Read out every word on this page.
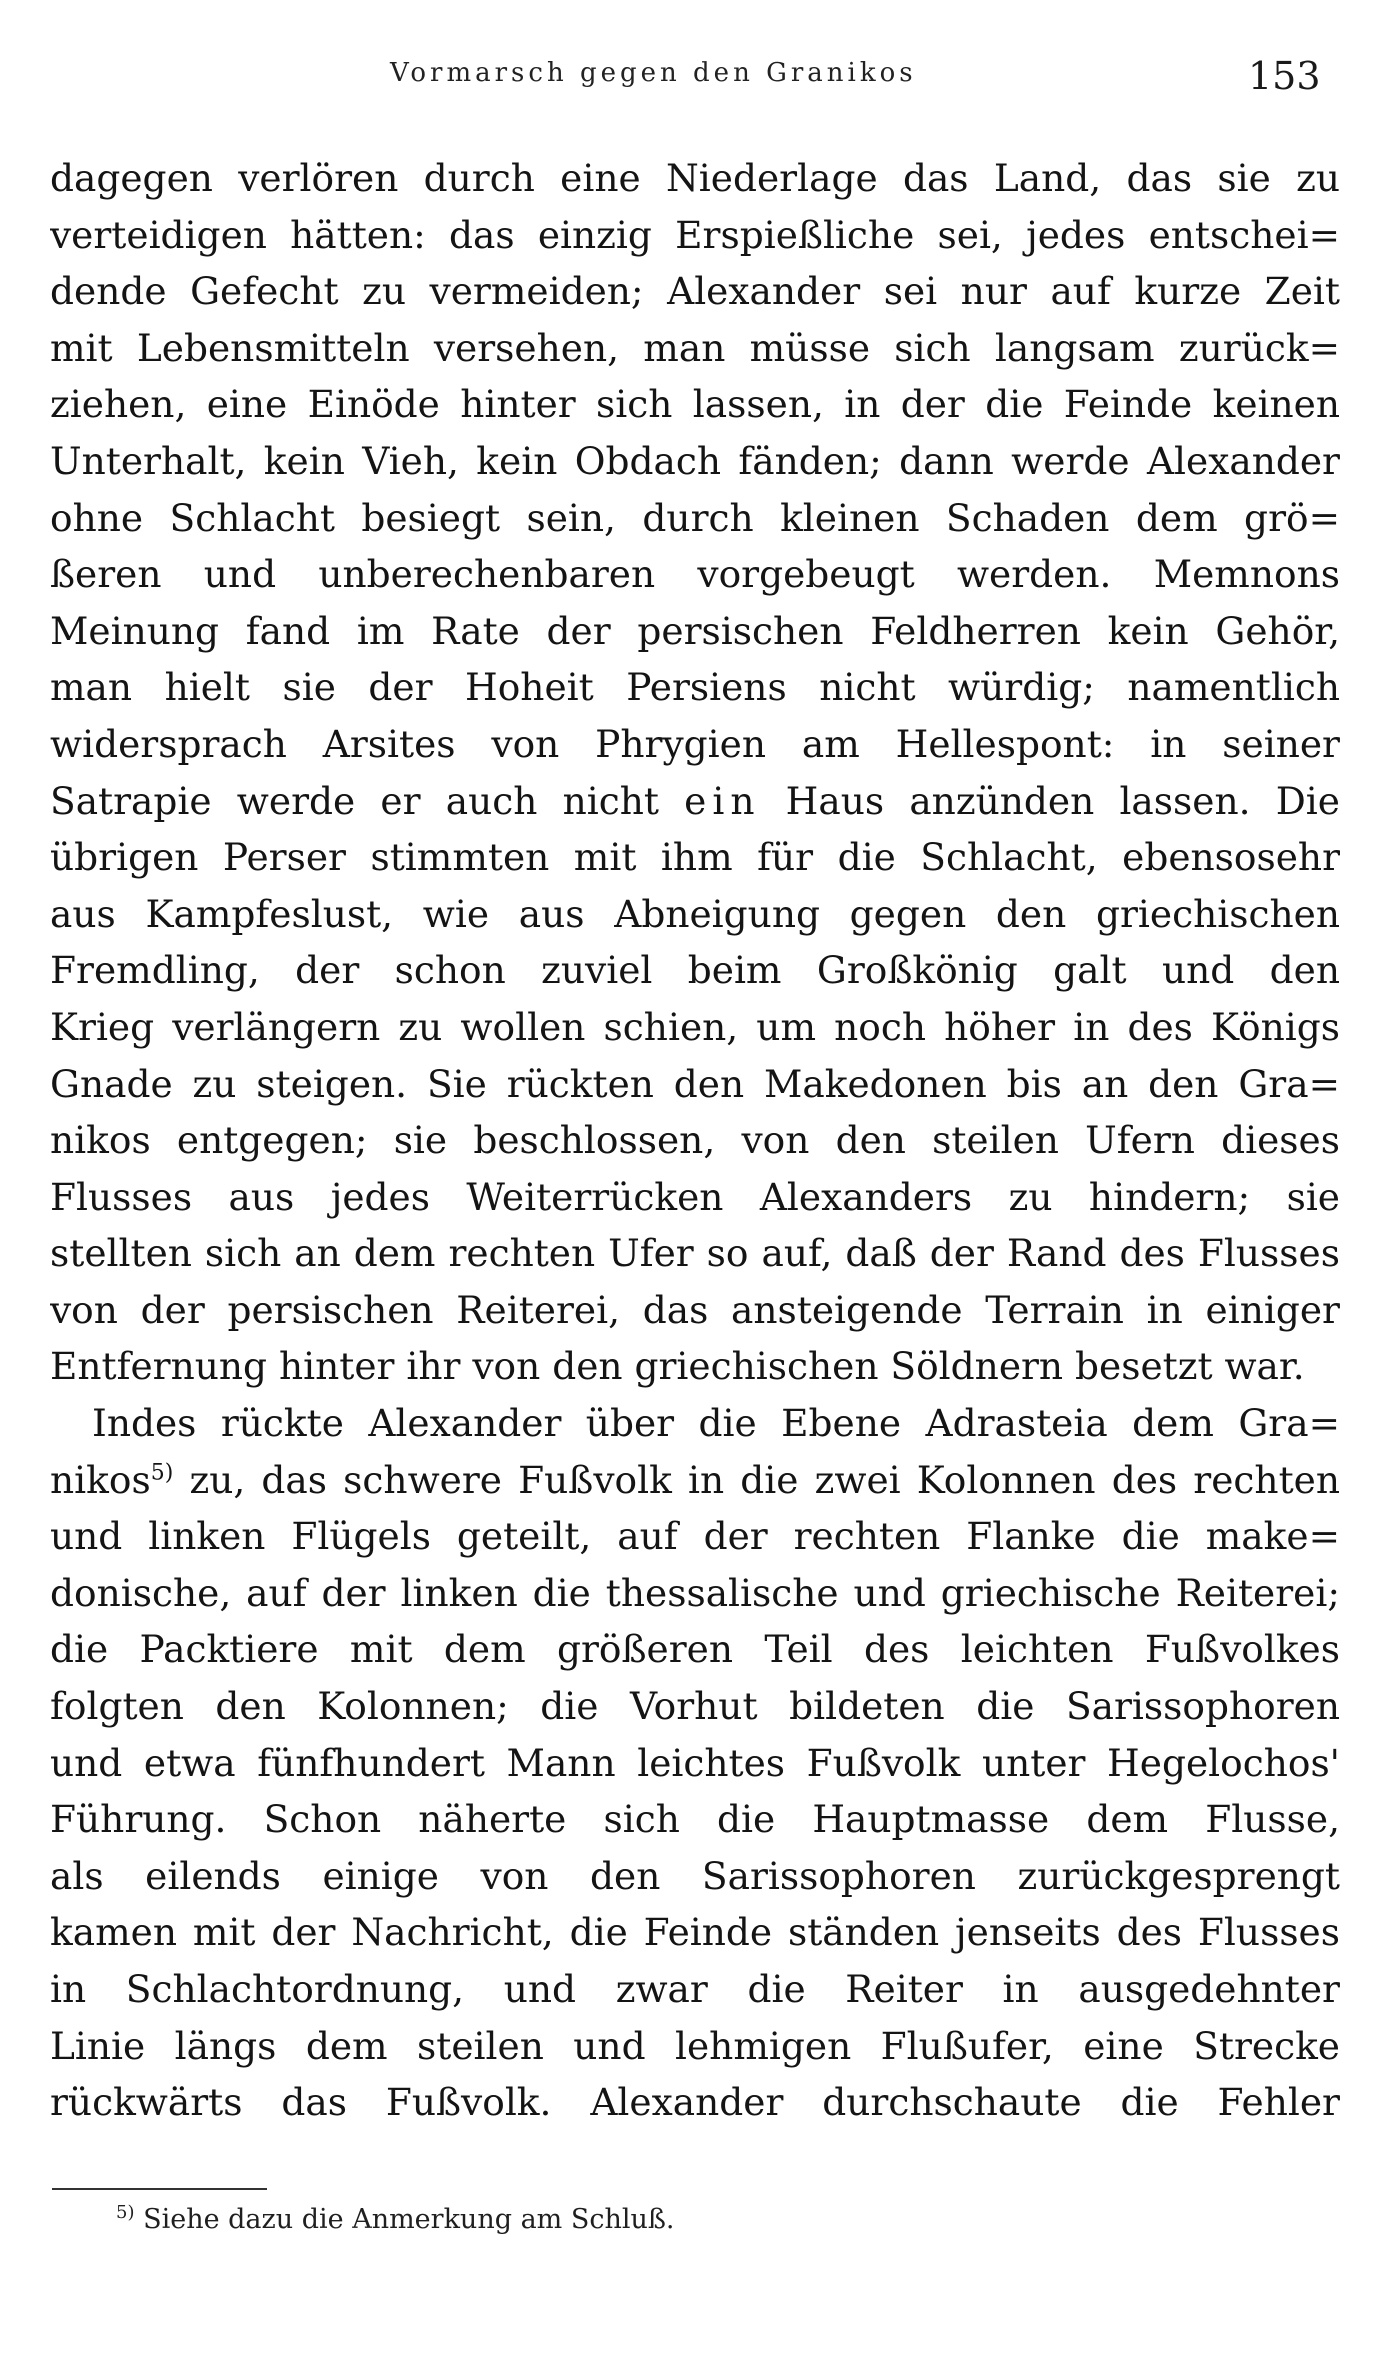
Vormarsch gegen den Granikos	153
dagegen verlören durch eine Niederlage das Land, das sie zu
verteidigen hätten: das einzig Erspießliche sei, jedes entschei=
dende Gefecht zu vermeiden; Alexander sei nur auf kurze Zeit
mit Lebensmitteln versehen, man müsse sich langsam zurück=
ziehen, eine Einöde hinter sich lassen, in der die Feinde keinen
Unterhalt, kein Vieh, kein Obdach fänden; dann werde Alexander
ohne Schlacht besiegt sein, durch kleinen Schaden dem grö=
ßeren und unberechenbaren vorgebeugt werden. Memnons
Meinung fand im Rate der persischen Feldherren kein Gehör,
man hielt sie der Hoheit Persiens nicht würdig; namentlich
widersprach Arsites von Phrygien am Hellespont: in seiner
Satrapie werde er auch nicht ein Haus anzünden lassen. Die
übrigen Perser stimmten mit ihm für die Schlacht, ebensosehr
aus Kampfeslust, wie aus Abneigung gegen den griechischen
Fremdling, der schon zuviel beim Großkönig galt und den
Krieg verlängern zu wollen schien, um noch höher in des Königs
Gnade zu steigen. Sie rückten den Makedonen bis an den Gra=
nikos entgegen; sie beschlossen, von den steilen Ufern dieses
Flusses aus jedes Weiterrücken Alexanders zu hindern; sie
stellten sich an dem rechten Ufer so auf, daß der Rand des Flusses
von der persischen Reiterei, das ansteigende Terrain in einiger
Entfernung hinter ihr von den griechischen Söldnern besetzt war.
Indes rückte Alexander über die Ebene Adrasteia dem Gra=
nikos$^{5)}$ zu, das schwere Fußvolk in die zwei Kolonnen des rechten
und linken Flügels geteilt, auf der rechten Flanke die make=
donische, auf der linken die thessalische und griechische Reiterei;
die Packtiere mit dem größeren Teil des leichten Fußvolkes
folgten den Kolonnen; die Vorhut bildeten die Sarissophoren
und etwa fünfhundert Mann leichtes Fußvolk unter Hegelochos'
Führung. Schon näherte sich die Hauptmasse dem Flusse,
als eilends einige von den Sarissophoren zurückgesprengt
kamen mit der Nachricht, die Feinde ständen jenseits des Flusses
in Schlachtordnung, und zwar die Reiter in ausgedehnter
Linie längs dem steilen und lehmigen Flußufer, eine Strecke
rückwärts das Fußvolk. Alexander durchschaute die Fehler
$^{5)}$ Siehe dazu die Anmerkung am Schluß.
